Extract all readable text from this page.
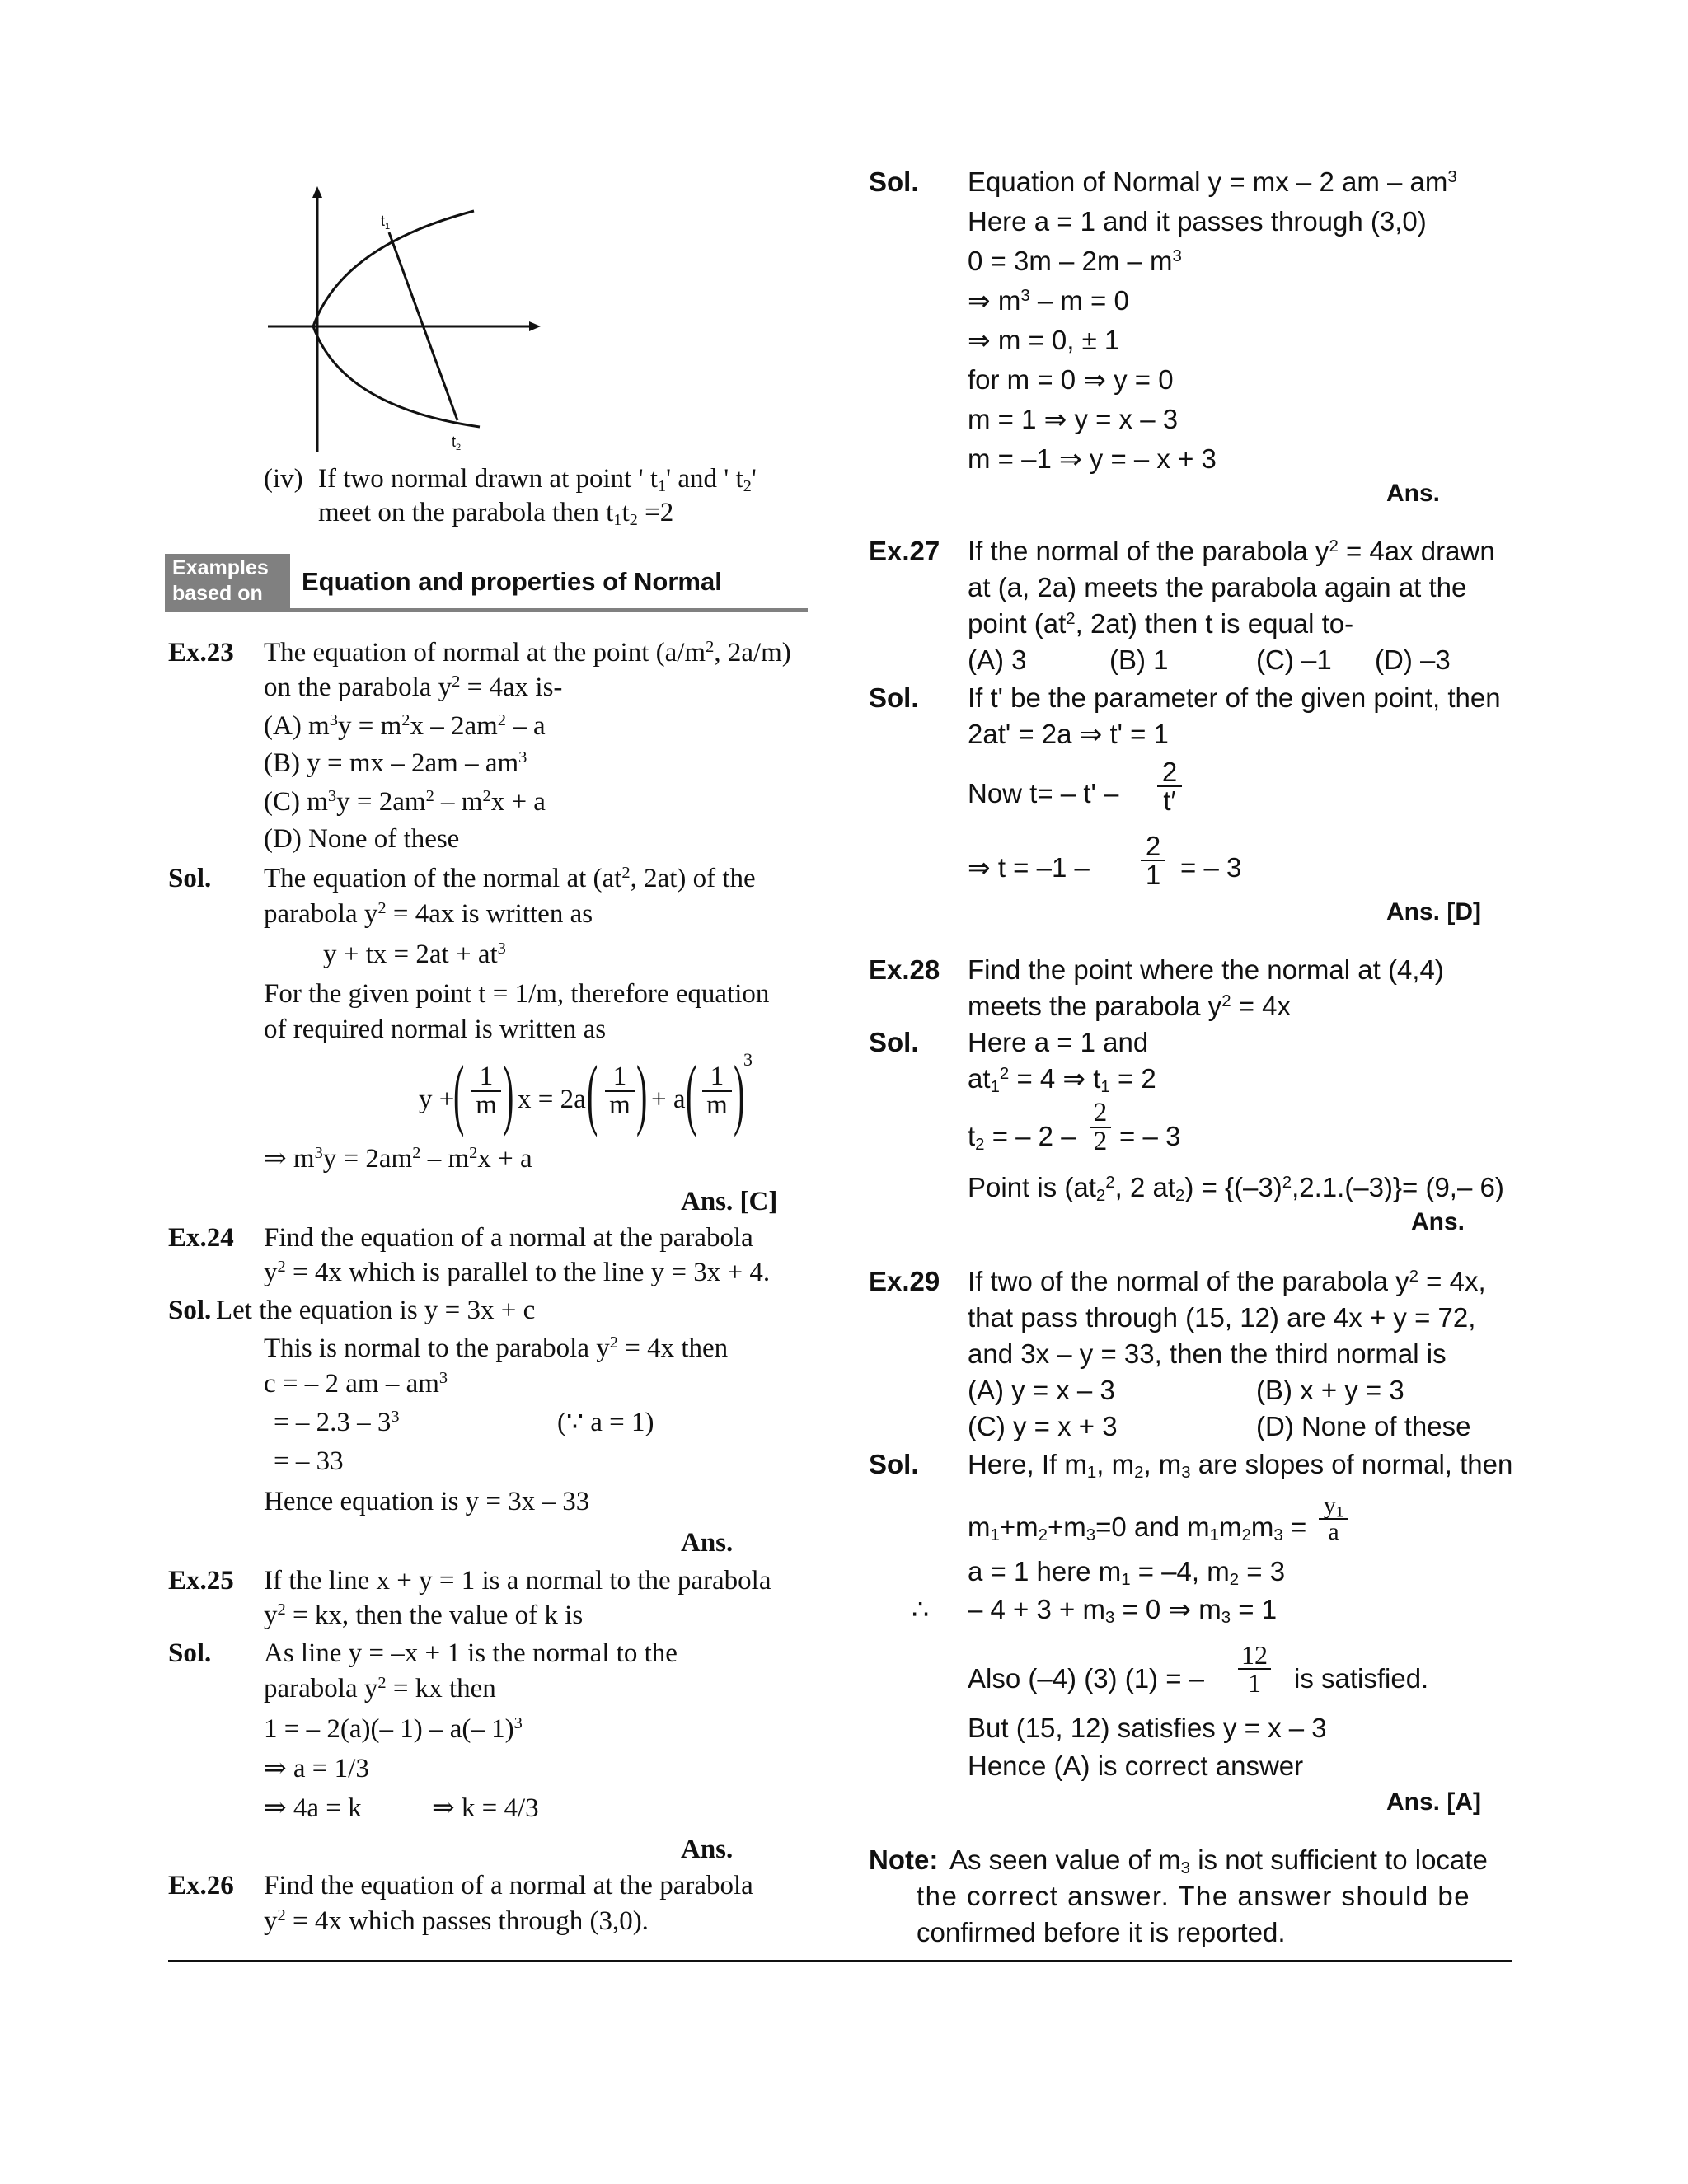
$t_1$
$t_2$
(iv) If two normal drawn at point ' $t_1'$ and ' $t_2'$
meet on the parabola then $t_1t_2 =2$
Examples
based on	Equation and properties of Normal
Ex.23 The equation of normal at the point ($a/m^2$, 2a/m)
on the parabola $y^2 = 4ax$ is-
(A) $m^3y = m^2x - 2am^2 - a$
(B) y = mx – $2am - am^3$
(C) $m^3y = 2am^2 - m^2x + a$
(D) None of these
Sol. The equation of the normal at ($at^2$, 2at) of the
parabola $y^2 = 4ax$ is written as
y + tx = $2at + at^3$
For the given point t = 1/m, therefore equation
of required normal is written as
y +
( 1
m ) x = 2a ( 1
m ) + a ( 1
m )
3
⇒ $m^3y = 2am^2 - m^2x + a$
Ans. [C]
Ex.24 Find the equation of a normal at the parabola
$y^2 = 4x$ which is parallel to the line y = 3x + 4.
Sol. Let the equation is y = 3x + c
This is normal to the parabola $y^2 = 4x$ then
c = – 2 am – $am^3$
= – $2.3 - 3^3$	(∵ a = 1)
= – 33
Hence equation is y = 3x – 33
Ans.
Ex.25 If the line x + y = 1 is a normal to the parabola
$y^2$ = kx, then the value of k is
Sol. As line y = –x + 1 is the normal to the
parabola $y^2$ = kx then
1 = – 2(a)(– 1) – a(– 1)$^3$
⇒ a = 1/3
⇒ 4a = k	⇒ k = 4/3
Ans.
Ex.26 Find the equation of a normal at the parabola
$y^2 = 4x$ which passes through (3,0).
Sol. Equation of Normal y = mx – 2 am – $am^3$
Here a = 1 and it passes through (3,0)
$0 = 3m - 2m - m^3$
⇒ $m^3 - m = 0$
⇒ m = 0, ± 1
for m = 0 ⇒ y = 0
m = 1 ⇒ y = x – 3
m = –1 ⇒ y = – x + 3
Ans.
Ex.27 If the normal of the parabola $y^2 = 4ax$ drawn
at (a, 2a) meets the parabola again at the
point ($at^2$, 2at) then t is equal to-
(A) 3	(B) 1	(C) –1 (D) –3
Sol. If t' be the parameter of the given point, then
2at' = 2a ⇒ t' = 1
Now t= – t' –
2
t′
⇒ t = –1 –
2
1 = – 3
Ans. [D]
Ex.28 Find the point where the normal at (4,4)
meets the parabola $y^2 = 4x$
Sol. Here a = 1 and
$at_1^2 = 4$ ⇒ $t_1 = 2$
$t_2$ = – 2 –
2
2 = – 3
Point is ($at_2^2$, 2 $at_2) = \{(-3)^2,2.1.(-3)\}= (9,-$ 6)
Ans.
Ex.29 If two of the normal of the parabola $y^2 = 4x$,
that pass through (15, 12) are 4x + y = 72,
and 3x – y = 33, then the third normal is
(A) y = x – 3	(B) x + y = 3
(C) y = x + 3	(D) None of these
Sol. Here, If $m_1$, $m_2$, $m_3$ are slopes of normal, then
$m_1+m_2+m_3=0$ and $m_1m_2m_3$ =
$y_1$
a
a = 1 here $m_1 = -4$, $m_2 = 3$
∴ – $4 + 3 + m_3 = 0$ ⇒ $m_3 = 1$
Also (–4) (3) (1) = –
12
1	is satisfied.
But (15, 12) satisfies y = x – 3
Hence (A) is correct answer
Ans. [A]
Note: As seen value of $m_3$ is not sufficient to locate
the correct answer. The answer should be
confirmed before it is reported.
